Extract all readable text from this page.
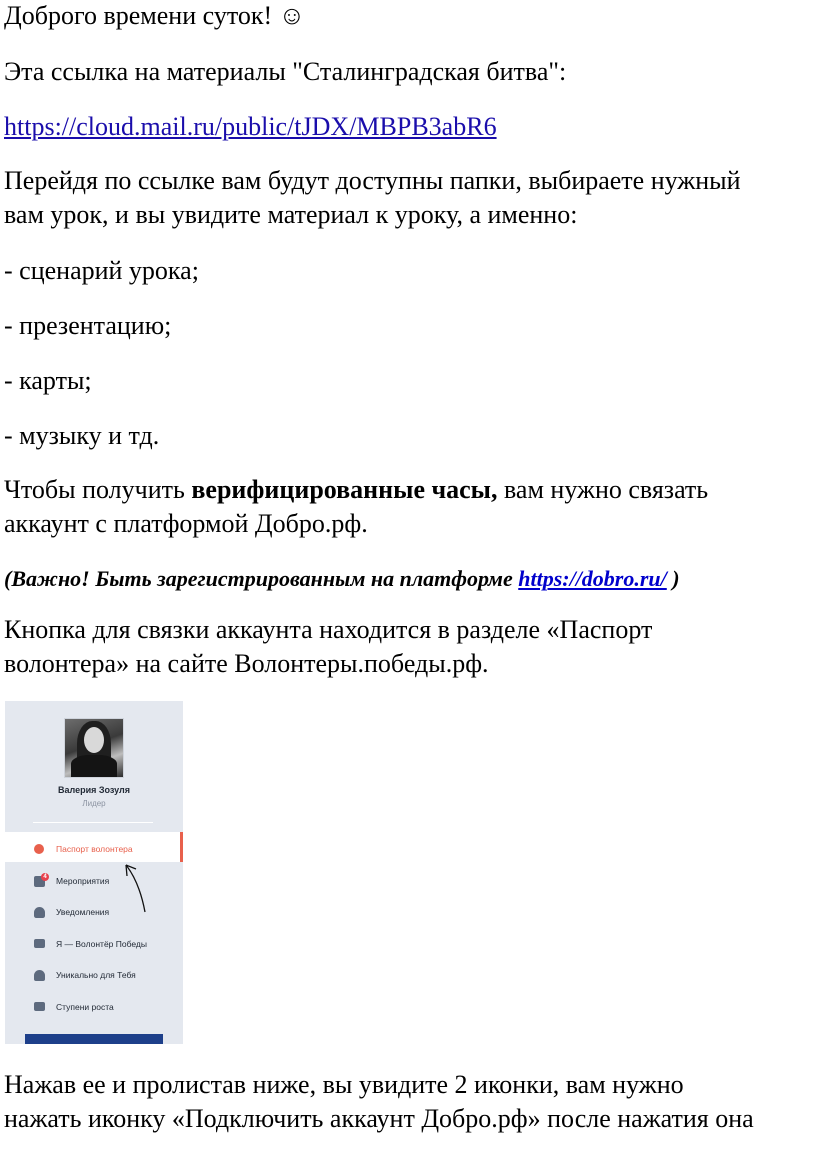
Доброго времени суток! ☺
Эта ссылка на материалы "Сталинградская битва":
https://cloud.mail.ru/public/tJDX/MBPB3abR6
Перейдя по ссылке вам будут доступны папки, выбираете нужный
вам урок, и вы увидите материал к уроку, а именно:
- сценарий урока;
- презентацию;
- карты;
- музыку и тд.
Чтобы получить верифицированные часы, вам нужно связать
аккаунт с платформой Добро.рф.
(Важно! Быть зарегистрированным на платформе https://dobro.ru/ )
Кнопка для связки аккаунта находится в разделе «Паспорт
волонтера» на сайте Волонтеры.победы.рф.
Нажав ее и пролистав ниже, вы увидите 2 иконки, вам нужно
нажать иконку «Подключить аккаунт Добро.рф» после нажатия она
Валерия Зозуля
Лидер
Паспорт волонтера
4 Мероприятия
Уведомления
Я — Волонтёр Победы
Уникально для Тебя
Ступени роста
